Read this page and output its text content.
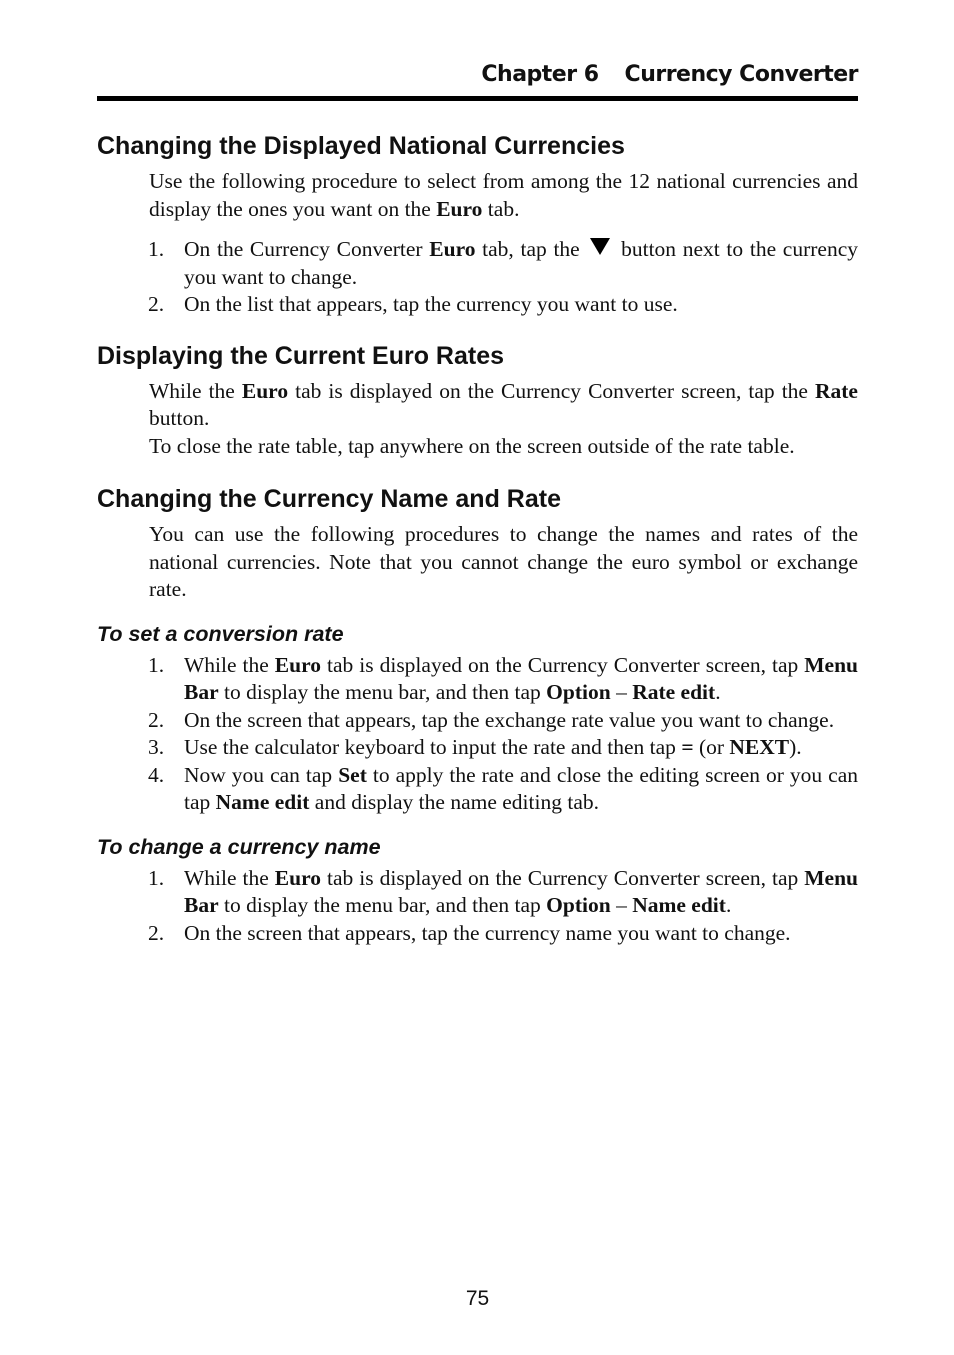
Chapter 6 Currency Converter
Changing the Displayed National Currencies

Use the following procedure to select from among the 12 national currencies and display the ones you want on the Euro tab.

1. On the Currency Converter Euro tab, tap the  button next to the currency you want to change.
2. On the list that appears, tap the currency you want to use.
Displaying the Current Euro Rates

While the Euro tab is displayed on the Currency Converter screen, tap the Rate button.

To close the rate table, tap anywhere on the screen outside of the rate table.

Changing the Currency Name and Rate

You can use the following procedures to change the names and rates of the national currencies. Note that you cannot change the euro symbol or exchange rate.

To set a conversion rate
1. While the Euro tab is displayed on the Currency Converter screen, tap Menu Bar to display the menu bar, and then tap Option – Rate edit.
2. On the screen that appears, tap the exchange rate value you want to change.
3. Use the calculator keyboard to input the rate and then tap = (or NEXT).
4. Now you can tap Set to apply the rate and close the editing screen or you can tap Name edit and display the name editing tab.
To change a currency name
1. While the Euro tab is displayed on the Currency Converter screen, tap Menu Bar to display the menu bar, and then tap Option – Name edit.
2. On the screen that appears, tap the currency name you want to change.
75
